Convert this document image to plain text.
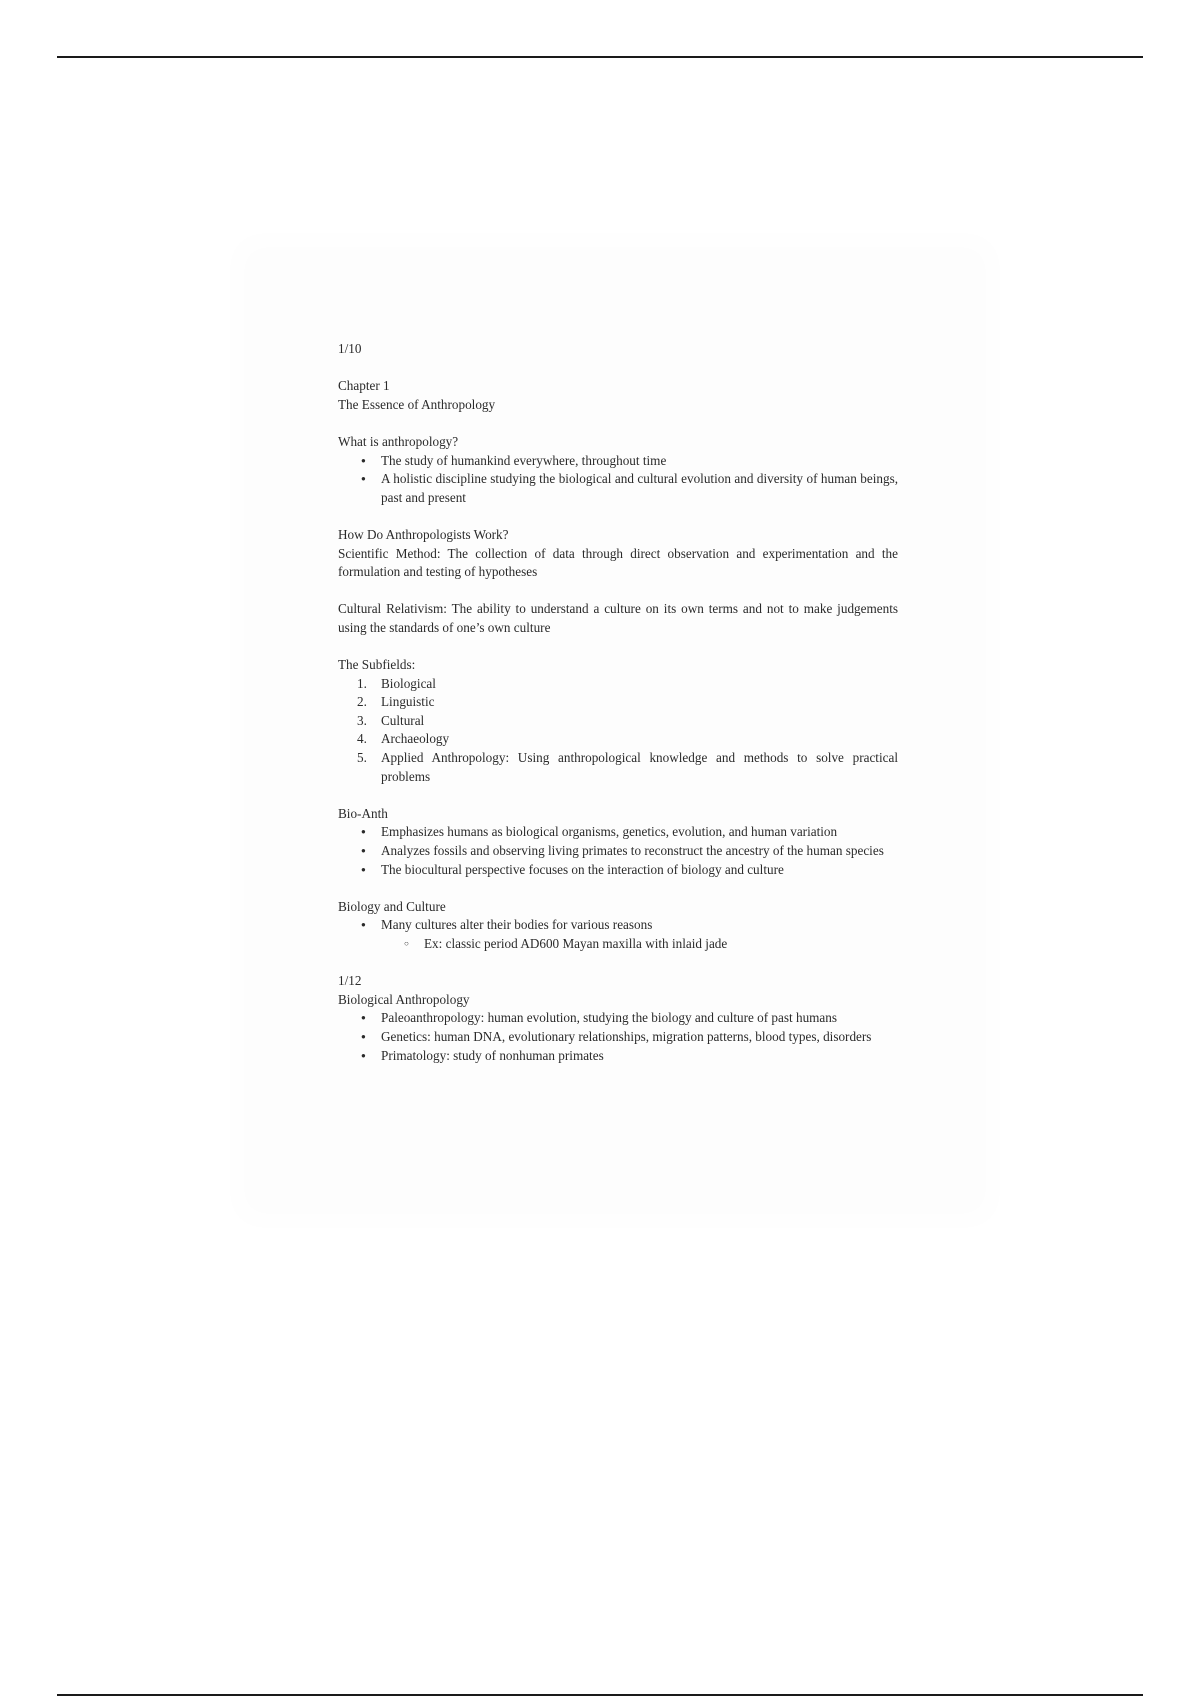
1/10

Chapter 1

The Essence of Anthropology

What is anthropology?

● The study of humankind everywhere, throughout time
● A holistic discipline studying the biological and cultural evolution and diversity of human beings, past and present

How Do Anthropologists Work?

Scientific Method: The collection of data through direct observation and experimentation and the formulation and testing of hypotheses

Cultural Relativism: The ability to understand a culture on its own terms and not to make judgements using the standards of one’s own culture

The Subfields:

1. Biological
2. Linguistic
3. Cultural
4. Archaeology
5. Applied Anthropology: Using anthropological knowledge and methods to solve practical problems

Bio-Anth

● Emphasizes humans as biological organisms, genetics, evolution, and human variation
● Analyzes fossils and observing living primates to reconstruct the ancestry of the human species
● The biocultural perspective focuses on the interaction of biology and culture

Biology and Culture

● Many cultures alter their bodies for various reasons
○ Ex: classic period AD600 Mayan maxilla with inlaid jade

1/12

Biological Anthropology

● Paleoanthropology: human evolution, studying the biology and culture of past humans
● Genetics: human DNA, evolutionary relationships, migration patterns, blood types, disorders
● Primatology: study of nonhuman primates
